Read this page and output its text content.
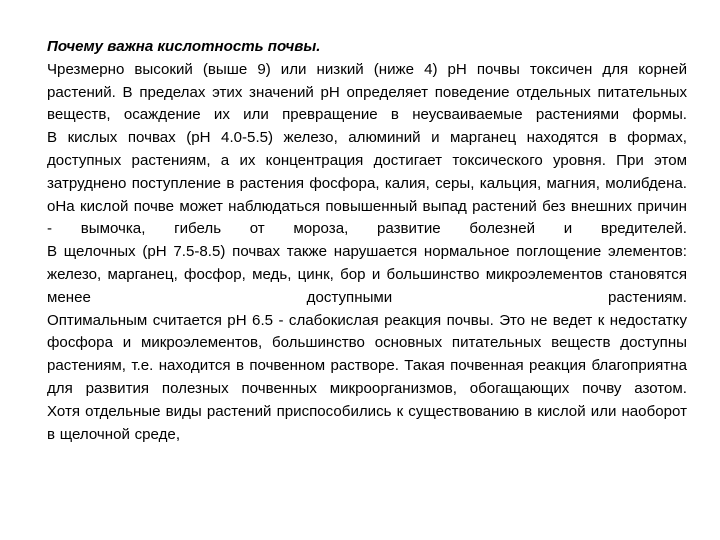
Почему важна кислотность почвы.

Чрезмерно высокий (выше 9) или низкий (ниже 4) pH почвы токсичен для корней растений. В пределах этих значений pH определяет поведение отдельных питательных веществ, осаждение их или превращение в неусваиваемые растениями формы.

В кислых почвах (pH 4.0-5.5) железо, алюминий и марганец находятся в формах, доступных растениям, а их концентрация достигает токсического уровня. При этом затруднено поступление в растения фосфора, калия, серы, кальция, магния, молибдена. oНа кислой почве может наблюдаться повышенный выпад растений без внешних причин - вымочка, гибель от мороза, развитие болезней и вредителей.

В щелочных (pH 7.5-8.5) почвах также нарушается нормальное поглощение элементов: железо, марганец, фосфор, медь, цинк, бор и большинство микроэлементов становятся менее доступными растениям.

Оптимальным считается pH 6.5 - слабокислая реакция почвы. Это не ведет к недостатку фосфора и микроэлементов, большинство основных питательных веществ доступны растениям, т.е. находится в почвенном растворе. Такая почвенная реакция благоприятна для развития полезных почвенных микроорганизмов, обогащающих почву азотом.

Хотя отдельные виды растений приспособились к существованию в кислой или наоборот в щелочной среде,
